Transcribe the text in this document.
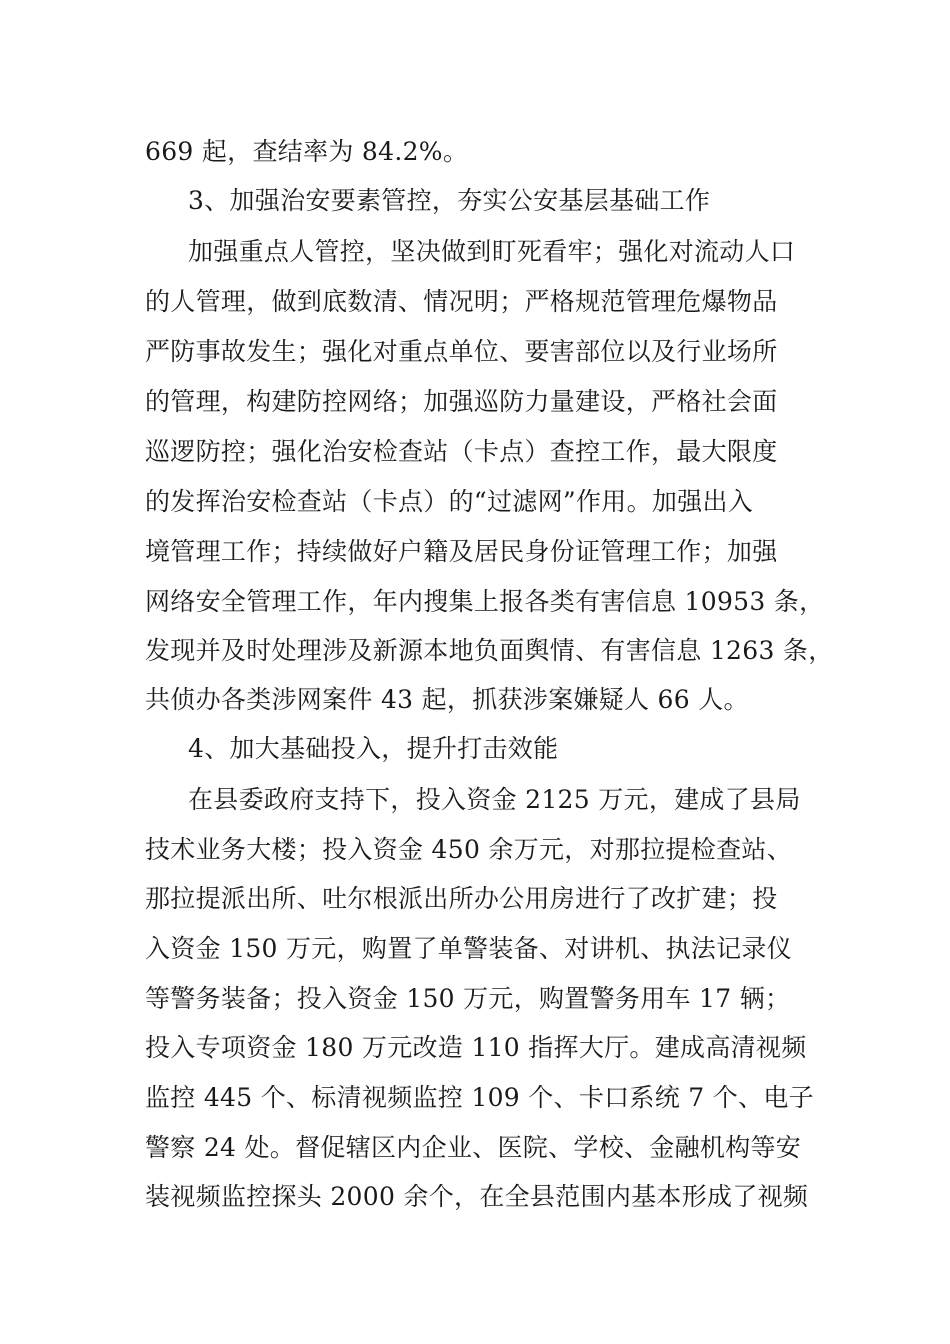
669 起，查结率为 84.2%。
3、加强治安要素管控，夯实公安基层基础工作
加强重点人管控，坚决做到盯死看牢；强化对流动人口
的人管理，做到底数清、情况明；严格规范管理危爆物品
严防事故发生；强化对重点单位、要害部位以及行业场所
的管理，构建防控网络；加强巡防力量建设，严格社会面
巡逻防控；强化治安检查站（卡点）查控工作，最大限度
的发挥治安检查站（卡点）的“过滤网”作用。加强出入
境管理工作；持续做好户籍及居民身份证管理工作；加强
网络安全管理工作，年内搜集上报各类有害信息 10953 条，
发现并及时处理涉及新源本地负面舆情、有害信息 1263 条，
共侦办各类涉网案件 43 起，抓获涉案嫌疑人 66 人。
4、加大基础投入，提升打击效能
在县委政府支持下，投入资金 2125 万元，建成了县局
技术业务大楼；投入资金 450 余万元，对那拉提检查站、
那拉提派出所、吐尔根派出所办公用房进行了改扩建；投
入资金 150 万元，购置了单警装备、对讲机、执法记录仪
等警务装备；投入资金 150 万元，购置警务用车 17 辆；
投入专项资金 180 万元改造 110 指挥大厅。建成高清视频
监控 445 个、标清视频监控 109 个、卡口系统 7 个、电子
警察 24 处。督促辖区内企业、医院、学校、金融机构等安
装视频监控探头 2000 余个，在全县范围内基本形成了视频
